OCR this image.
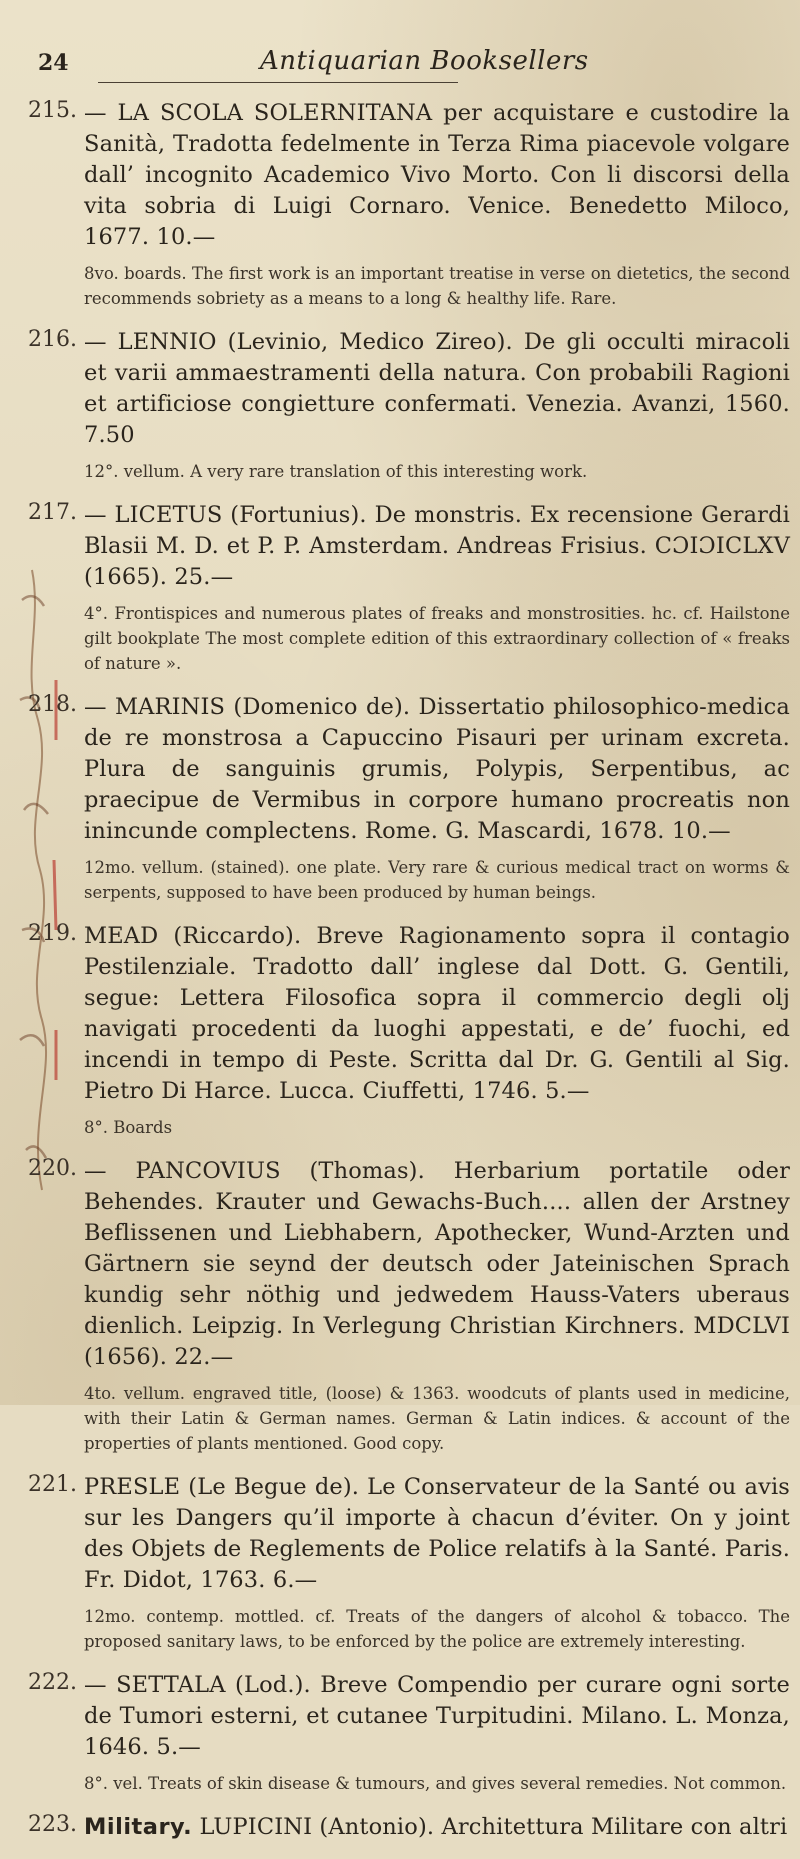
24	Antiquarian Booksellers
215. — LA SCOLA SOLERNITANA per acquistare e custodire la Sanità, Tradotta fedelmente in Terza Rima piacevole volgare dall’ incognito Academico Vivo Morto. Con li discorsi della vita sobria di Luigi Cornaro. Venice. Benedetto Miloco, 1677. 10.—

8vo. boards. The first work is an important treatise in verse on dietetics, the second recommends sobriety as a means to a long & healthy life. Rare.

216. — LENNIO (Levinio, Medico Zireo). De gli occulti miracoli et varii ammaestramenti della natura. Con probabili Ragioni et artificiose congietture confermati. Venezia. Avanzi, 1560. 7.50

12°. vellum. A very rare translation of this interesting work.

217. — LICETUS (Fortunius). De monstris. Ex recensione Gerardi Blasii M. D. et P. P. Amsterdam. Andreas Frisius. CƆIƆICLXV (1665). 25.—

4°. Frontispices and numerous plates of freaks and monstrosities. hc. cf. Hailstone gilt bookplate The most complete edition of this extraordinary collection of « freaks of nature ».

218. — MARINIS (Domenico de). Dissertatio philosophico-medica de re monstrosa a Capuccino Pisauri per urinam excreta. Plura de sanguinis grumis, Polypis, Serpentibus, ac praecipue de Vermibus in corpore humano procreatis non inincunde complectens. Rome. G. Mascardi, 1678. 10.—

12mo. vellum. (stained). one plate. Very rare & curious medical tract on worms & serpents, supposed to have been produced by human beings.

219. MEAD (Riccardo). Breve Ragionamento sopra il contagio Pestilenziale. Tradotto dall’ inglese dal Dott. G. Gentili, segue: Lettera Filosofica sopra il commercio degli olj navigati procedenti da luoghi appestati, e de’ fuochi, ed incendi in tempo di Peste. Scritta dal Dr. G. Gentili al Sig. Pietro Di Harce. Lucca. Ciuffetti, 1746. 5.—

8°. Boards

220. — PANCOVIUS (Thomas). Herbarium portatile oder Behendes. Krauter und Gewachs-Buch.... allen der Arstney Beflissenen und Liebhabern, Apothecker, Wund-Arzten und Gärtnern sie seynd der deutsch oder Jateinischen Sprach kundig sehr nöthig und jedwedem Hauss-Vaters uberaus dienlich. Leipzig. In Verlegung Christian Kirchners. MDCLVI (1656). 22.—

4to. vellum. engraved title, (loose) & 1363. woodcuts of plants used in medicine, with their Latin & German names. German & Latin indices. & account of the properties of plants mentioned. Good copy.

221. PRESLE (Le Begue de). Le Conservateur de la Santé ou avis sur les Dangers qu’il importe à chacun d’éviter. On y joint des Objets de Reglements de Police relatifs à la Santé. Paris. Fr. Didot, 1763. 6.—

12mo. contemp. mottled. cf. Treats of the dangers of alcohol & tobacco. The proposed sanitary laws, to be enforced by the police are extremely interesting.

222. — SETTALA (Lod.). Breve Compendio per curare ogni sorte de Tumori esterni, et cutanee Turpitudini. Milano. L. Monza, 1646. 5.—

8°. vel. Treats of skin disease & tumours, and gives several remedies. Not common.

223. Military. LUPICINI (Antonio). Architettura Militare con altri
